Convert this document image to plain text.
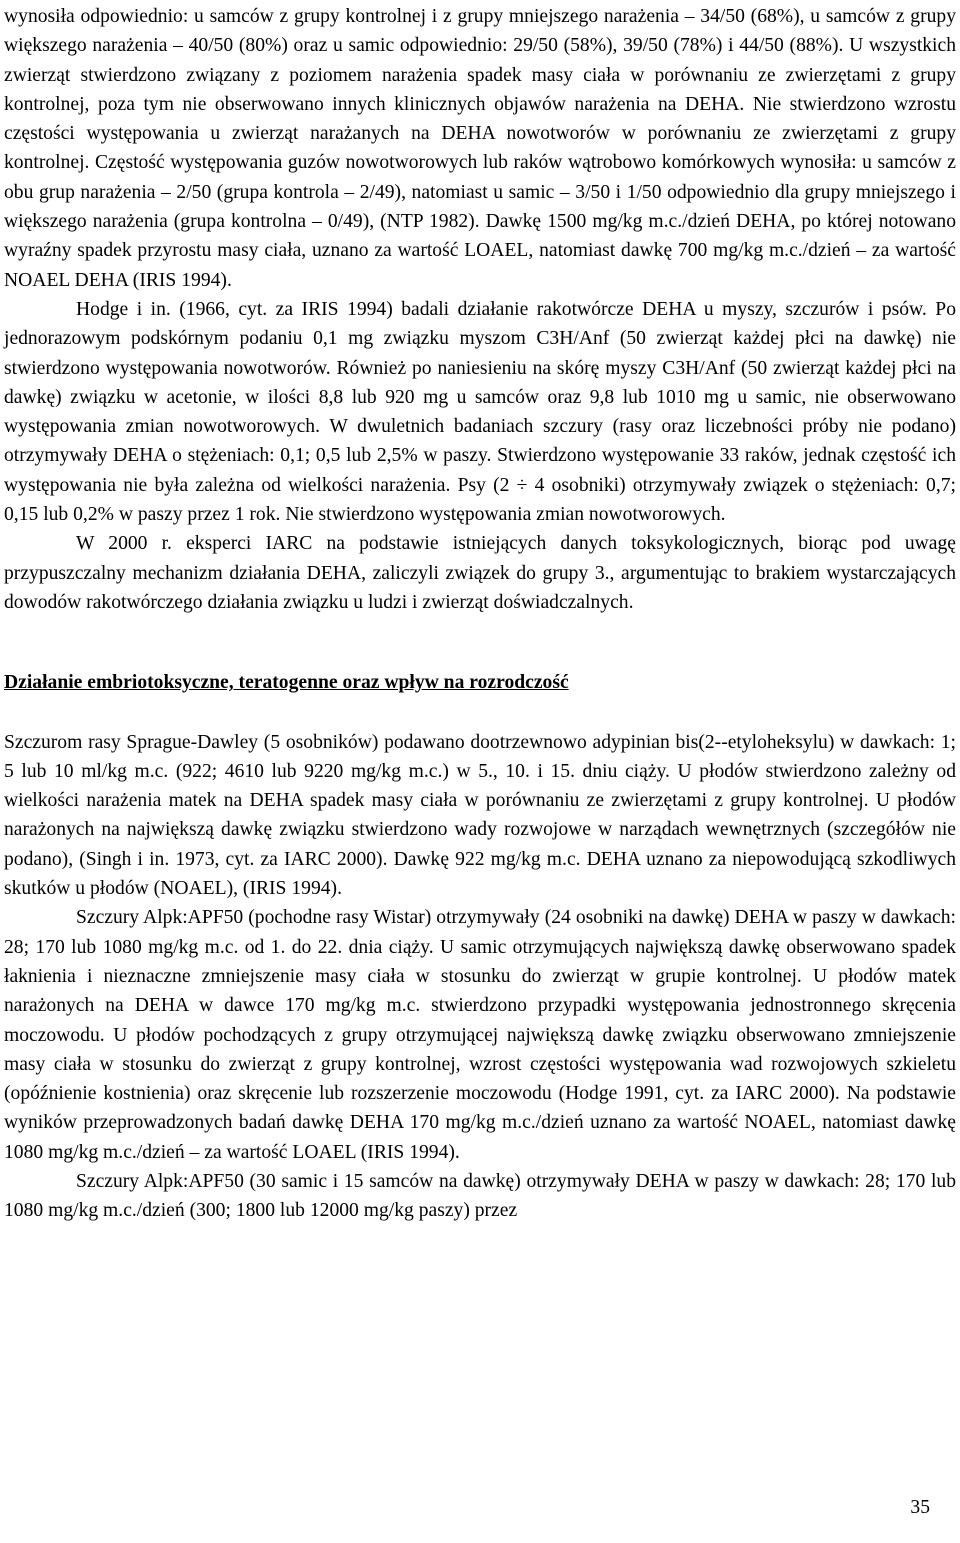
wynosiła odpowiednio: u samców z grupy kontrolnej i z grupy mniejszego narażenia – 34/50 (68%), u samców z grupy większego narażenia – 40/50 (80%) oraz u samic odpowiednio: 29/50 (58%), 39/50 (78%) i 44/50 (88%). U wszystkich zwierząt stwierdzono związany z poziomem narażenia spadek masy ciała w porównaniu ze zwierzętami z grupy kontrolnej, poza tym nie obserwowano innych klinicznych objawów narażenia na DEHA. Nie stwierdzono wzrostu częstości występowania u zwierząt narażanych na DEHA nowotworów w porównaniu ze zwierzętami z grupy kontrolnej. Częstość występowania guzów nowotworowych lub raków wątrobowo komórkowych wynosiła: u samców z obu grup narażenia – 2/50 (grupa kontrola – 2/49), natomiast u samic – 3/50 i 1/50 odpowiednio dla grupy mniejszego i większego narażenia (grupa kontrolna – 0/49), (NTP 1982). Dawkę 1500 mg/kg m.c./dzień DEHA, po której notowano wyraźny spadek przyrostu masy ciała, uznano za wartość LOAEL, natomiast dawkę 700 mg/kg m.c./dzień – za wartość NOAEL DEHA (IRIS 1994).

Hodge i in. (1966, cyt. za IRIS 1994) badali działanie rakotwórcze DEHA u myszy, szczurów i psów. Po jednorazowym podskórnym podaniu 0,1 mg związku myszom C3H/Anf (50 zwierząt każdej płci na dawkę) nie stwierdzono występowania nowotworów. Również po naniesieniu na skórę myszy C3H/Anf (50 zwierząt każdej płci na dawkę) związku w acetonie, w ilości 8,8 lub 920 mg u samców oraz 9,8 lub 1010 mg u samic, nie obserwowano występowania zmian nowotworowych. W dwuletnich badaniach szczury (rasy oraz liczebności próby nie podano) otrzymywały DEHA o stężeniach: 0,1; 0,5 lub 2,5% w paszy. Stwierdzono występowanie 33 raków, jednak częstość ich występowania nie była zależna od wielkości narażenia. Psy (2 ÷ 4 osobniki) otrzymywały związek o stężeniach: 0,7; 0,15 lub 0,2% w paszy przez 1 rok. Nie stwierdzono występowania zmian nowotworowych.

W 2000 r. eksperci IARC na podstawie istniejących danych toksykologicznych, biorąc pod uwagę przypuszczalny mechanizm działania DEHA, zaliczyli związek do grupy 3., argumentując to brakiem wystarczających dowodów rakotwórczego działania związku u ludzi i zwierząt doświadczalnych.

Działanie embriotoksyczne, teratogenne oraz wpływ na rozrodczość

Szczurom rasy Sprague-Dawley (5 osobników) podawano dootrzewnowo adypinian bis(2--etyloheksylu) w dawkach: 1; 5 lub 10 ml/kg m.c. (922; 4610 lub 9220 mg/kg m.c.) w 5., 10. i 15. dniu ciąży. U płodów stwierdzono zależny od wielkości narażenia matek na DEHA spadek masy ciała w porównaniu ze zwierzętami z grupy kontrolnej. U płodów narażonych na największą dawkę związku stwierdzono wady rozwojowe w narządach wewnętrznych (szczegółów nie podano), (Singh i in. 1973, cyt. za IARC 2000). Dawkę 922 mg/kg m.c. DEHA uznano za niepowodującą szkodliwych skutków u płodów (NOAEL), (IRIS 1994).

Szczury Alpk:APF50 (pochodne rasy Wistar) otrzymywały (24 osobniki na dawkę) DEHA w paszy w dawkach: 28; 170 lub 1080 mg/kg m.c. od 1. do 22. dnia ciąży. U samic otrzymujących największą dawkę obserwowano spadek łaknienia i nieznaczne zmniejszenie masy ciała w stosunku do zwierząt w grupie kontrolnej. U płodów matek narażonych na DEHA w dawce 170 mg/kg m.c. stwierdzono przypadki występowania jednostronnego skręcenia moczowodu. U płodów pochodzących z grupy otrzymującej największą dawkę związku obserwowano zmniejszenie masy ciała w stosunku do zwierząt z grupy kontrolnej, wzrost częstości występowania wad rozwojowych szkieletu (opóźnienie kostnienia) oraz skręcenie lub rozszerzenie moczowodu (Hodge 1991, cyt. za IARC 2000). Na podstawie wyników przeprowadzonych badań dawkę DEHA 170 mg/kg m.c./dzień uznano za wartość NOAEL, natomiast dawkę 1080 mg/kg m.c./dzień – za wartość LOAEL (IRIS 1994).

Szczury Alpk:APF50 (30 samic i 15 samców na dawkę) otrzymywały DEHA w paszy w dawkach: 28; 170 lub 1080 mg/kg m.c./dzień (300; 1800 lub 12000 mg/kg paszy) przez

35
